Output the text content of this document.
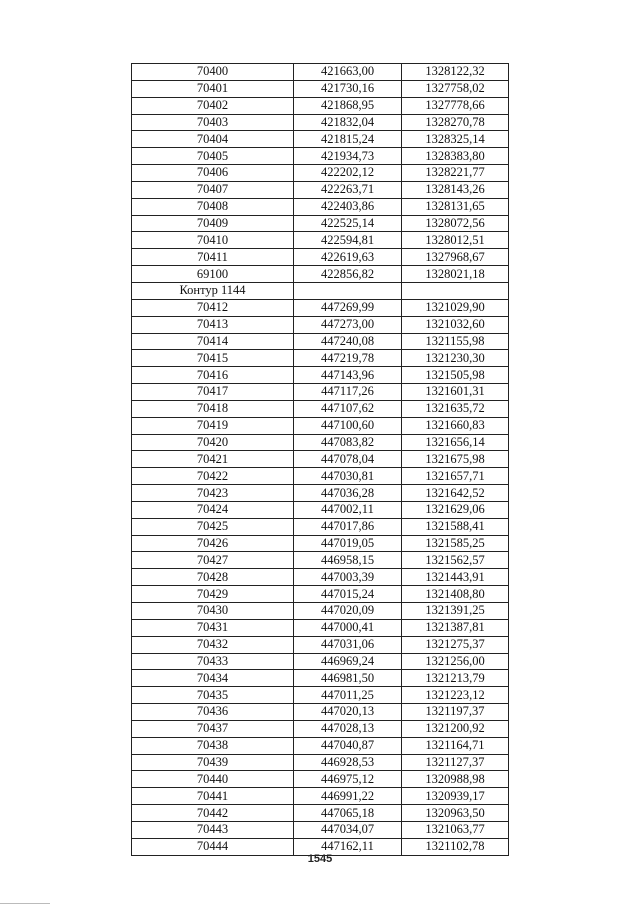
70400	421663,00	1328122,32
70401	421730,16	1327758,02
70402	421868,95	1327778,66
70403	421832,04	1328270,78
70404	421815,24	1328325,14
70405	421934,73	1328383,80
70406	422202,12	1328221,77
70407	422263,71	1328143,26
70408	422403,86	1328131,65
70409	422525,14	1328072,56
70410	422594,81	1328012,51
70411	422619,63	1327968,67
69100	422856,82	1328021,18
Контур 1144		
70412	447269,99	1321029,90
70413	447273,00	1321032,60
70414	447240,08	1321155,98
70415	447219,78	1321230,30
70416	447143,96	1321505,98
70417	447117,26	1321601,31
70418	447107,62	1321635,72
70419	447100,60	1321660,83
70420	447083,82	1321656,14
70421	447078,04	1321675,98
70422	447030,81	1321657,71
70423	447036,28	1321642,52
70424	447002,11	1321629,06
70425	447017,86	1321588,41
70426	447019,05	1321585,25
70427	446958,15	1321562,57
70428	447003,39	1321443,91
70429	447015,24	1321408,80
70430	447020,09	1321391,25
70431	447000,41	1321387,81
70432	447031,06	1321275,37
70433	446969,24	1321256,00
70434	446981,50	1321213,79
70435	447011,25	1321223,12
70436	447020,13	1321197,37
70437	447028,13	1321200,92
70438	447040,87	1321164,71
70439	446928,53	1321127,37
70440	446975,12	1320988,98
70441	446991,22	1320939,17
70442	447065,18	1320963,50
70443	447034,07	1321063,77
70444	447162,11	1321102,78
1545
